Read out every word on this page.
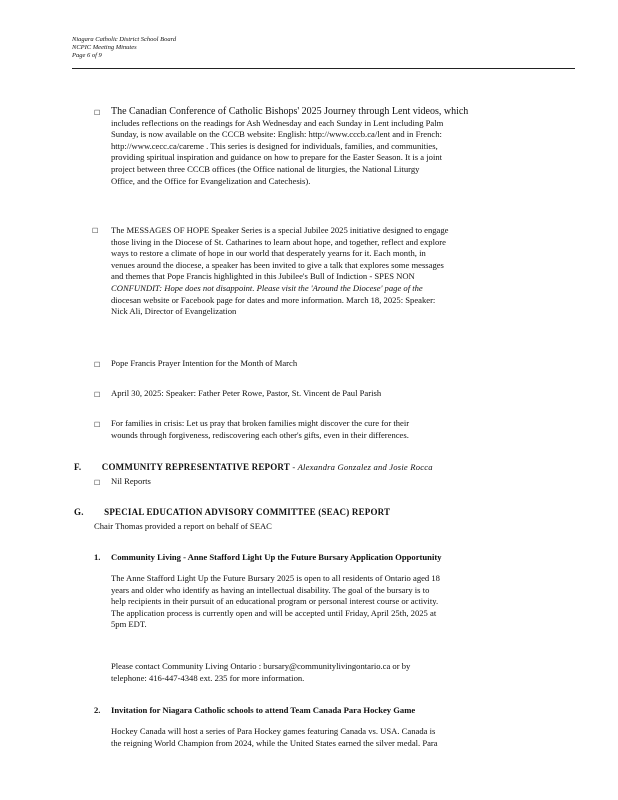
Niagara Catholic District School Board
NCPIC Meeting Minutes
Page 6 of 9
☐ The Canadian Conference of Catholic Bishops' 2025 Journey through Lent videos, which

includes reflections on the readings for Ash Wednesday and each Sunday in Lent including Palm

Sunday, is now available on the CCCB website: English: http://www.cccb.ca/lent and in French:

http://www.cecc.ca/careme . This series is designed for individuals, families, and communities,

providing spiritual inspiration and guidance on how to prepare for the Easter Season. It is a joint

project between three CCCB offices (the Office national de liturgies, the National Liturgy

Office, and the Office for Evangelization and Catechesis).

☐ The MESSAGES OF HOPE Speaker Series is a special Jubilee 2025 initiative designed to engage

those living in the Diocese of St. Catharines to learn about hope, and together, reflect and explore

ways to restore a climate of hope in our world that desperately yearns for it. Each month, in

venues around the diocese, a speaker has been invited to give a talk that explores some messages

and themes that Pope Francis highlighted in this Jubilee's Bull of Indiction - SPES NON

CONFUNDIT: Hope does not disappoint. Please visit the 'Around the Diocese' page of the

diocesan website or Facebook page for dates and more information. March 18, 2025: Speaker:

Nick Ali, Director of Evangelization

☐ Pope Francis Prayer Intention for the Month of March

☐ April 30, 2025: Speaker: Father Peter Rowe, Pastor, St. Vincent de Paul Parish

☐ For families in crisis: Let us pray that broken families might discover the cure for their

wounds through forgiveness, rediscovering each other's gifts, even in their differences.

F. COMMUNITY REPRESENTATIVE REPORT - Alexandra Gonzalez and Josie Rocca
☐ Nil Reports

G. SPECIAL EDUCATION ADVISORY COMMITTEE (SEAC) REPORT

Chair Thomas provided a report on behalf of SEAC

1. Community Living - Anne Stafford Light Up the Future Bursary Application Opportunity

The Anne Stafford Light Up the Future Bursary 2025 is open to all residents of Ontario aged 18

years and older who identify as having an intellectual disability. The goal of the bursary is to

help recipients in their pursuit of an educational program or personal interest course or activity.

The application process is currently open and will be accepted until Friday, April 25th, 2025 at

5pm EDT.

Please contact Community Living Ontario : bursary@communitylivingontario.ca or by

telephone: 416-447-4348 ext. 235 for more information.

2. Invitation for Niagara Catholic schools to attend Team Canada Para Hockey Game

Hockey Canada will host a series of Para Hockey games featuring Canada vs. USA. Canada is

the reigning World Champion from 2024, while the United States earned the silver medal. Para
